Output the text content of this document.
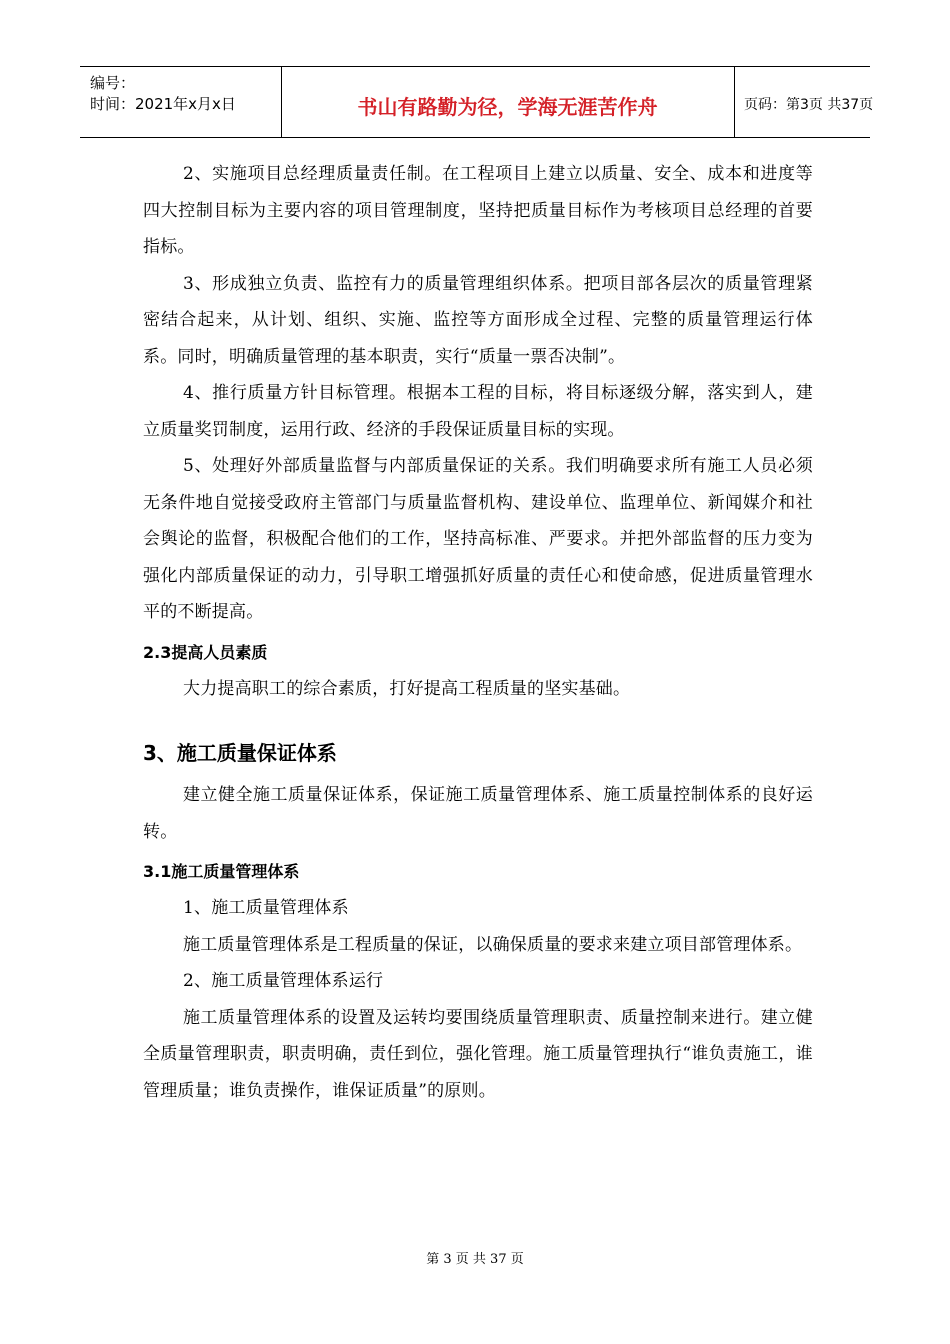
编号：
时间：2021年x月x日	书山有路勤为径，学海无涯苦作舟	页码：第3页 共37页

2、实施项目总经理质量责任制。在工程项目上建立以质量、安全、成本和进度等四大控制目标为主要内容的项目管理制度，坚持把质量目标作为考核项目总经理的首要指标。

3、形成独立负责、监控有力的质量管理组织体系。把项目部各层次的质量管理紧密结合起来，从计划、组织、实施、监控等方面形成全过程、完整的质量管理运行体系。同时，明确质量管理的基本职责，实行“质量一票否决制”。

4、推行质量方针目标管理。根据本工程的目标，将目标逐级分解，落实到人，建立质量奖罚制度，运用行政、经济的手段保证质量目标的实现。

5、处理好外部质量监督与内部质量保证的关系。我们明确要求所有施工人员必须无条件地自觉接受政府主管部门与质量监督机构、建设单位、监理单位、新闻媒介和社会舆论的监督，积极配合他们的工作，坚持高标准、严要求。并把外部监督的压力变为强化内部质量保证的动力，引导职工增强抓好质量的责任心和使命感，促进质量管理水平的不断提高。

2.3提高人员素质

大力提高职工的综合素质，打好提高工程质量的坚实基础。

3、施工质量保证体系

建立健全施工质量保证体系，保证施工质量管理体系、施工质量控制体系的良好运转。

3.1施工质量管理体系

1、施工质量管理体系

施工质量管理体系是工程质量的保证，以确保质量的要求来建立项目部管理体系。

2、施工质量管理体系运行

施工质量管理体系的设置及运转均要围绕质量管理职责、质量控制来进行。建立健全质量管理职责，职责明确，责任到位，强化管理。施工质量管理执行“谁负责施工，谁管理质量；谁负责操作，谁保证质量”的原则。

第 3 页 共 37 页
